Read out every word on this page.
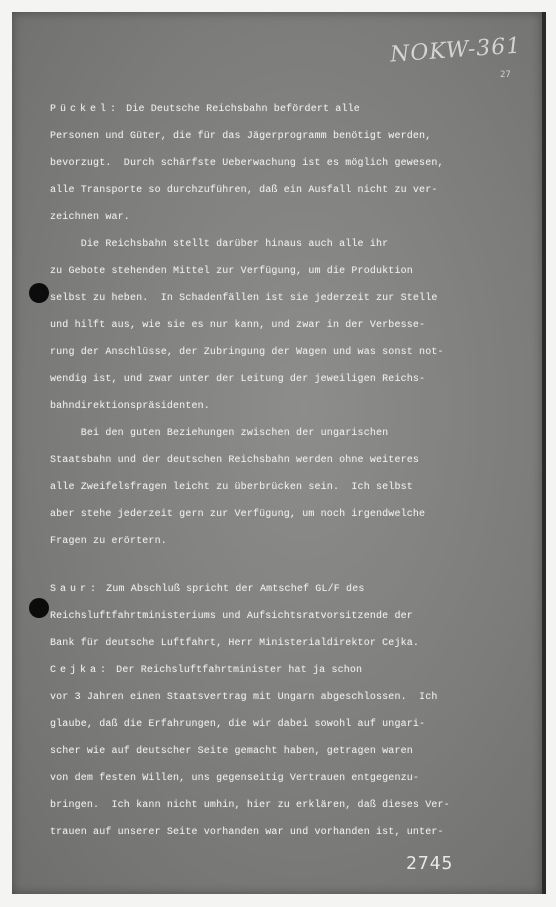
NOKW-361
27
Pückel: Die Deutsche Reichsbahn befördert alle
Personen und Güter, die für das Jägerprogramm benötigt werden,
bevorzugt.  Durch schärfste Ueberwachung ist es möglich gewesen,
alle Transporte so durchzuführen, daß ein Ausfall nicht zu ver-
zeichnen war.
Die Reichsbahn stellt darüber hinaus auch alle ihr
zu Gebote stehenden Mittel zur Verfügung, um die Produktion
selbst zu heben.  In Schadenfällen ist sie jederzeit zur Stelle
und hilft aus, wie sie es nur kann, und zwar in der Verbesse-
rung der Anschlüsse, der Zubringung der Wagen und was sonst not-
wendig ist, und zwar unter der Leitung der jeweiligen Reichs-
bahndirektionspräsidenten.
Bei den guten Beziehungen zwischen der ungarischen
Staatsbahn und der deutschen Reichsbahn werden ohne weiteres
alle Zweifelsfragen leicht zu überbrücken sein.  Ich selbst
aber stehe jederzeit gern zur Verfügung, um noch irgendwelche
Fragen zu erörtern.
Saur: Zum Abschluß spricht der Amtschef GL/F des
Reichsluftfahrtministeriums und Aufsichtsratvorsitzende der
Bank für deutsche Luftfahrt, Herr Ministerialdirektor Cejka.
Cejka: Der Reichsluftfahrtminister hat ja schon
vor 3 Jahren einen Staatsvertrag mit Ungarn abgeschlossen.  Ich
glaube, daß die Erfahrungen, die wir dabei sowohl auf ungari-
scher wie auf deutscher Seite gemacht haben, getragen waren
von dem festen Willen, uns gegenseitig Vertrauen entgegenzu-
bringen.  Ich kann nicht umhin, hier zu erklären, daß dieses Ver-
trauen auf unserer Seite vorhanden war und vorhanden ist, unter-
2745
